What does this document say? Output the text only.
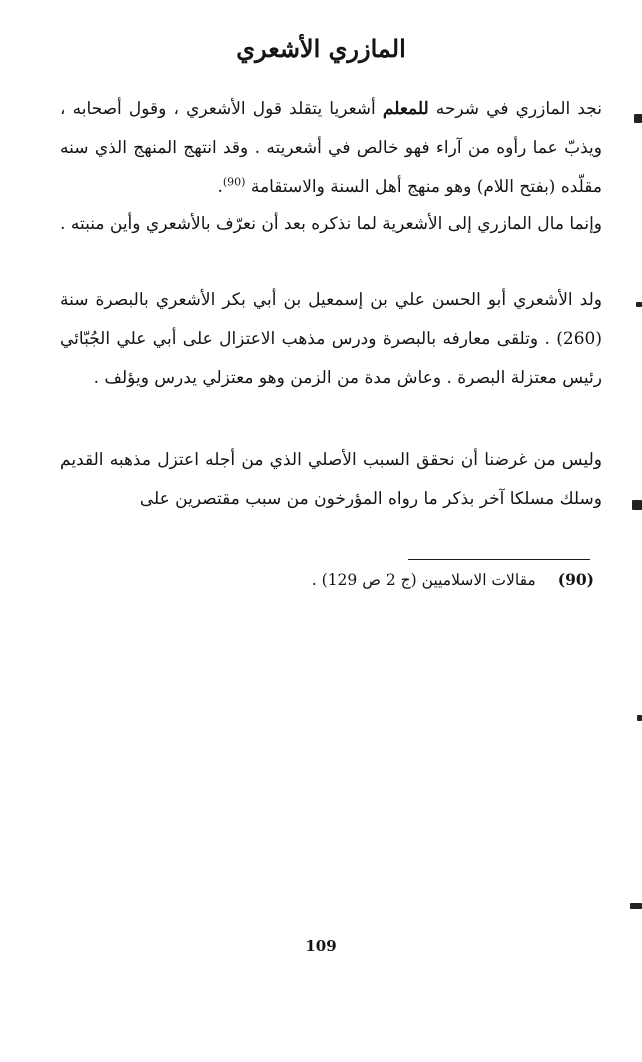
المازري الأشعري

نجد المازري في شرحه للمعلم أشعريا يتقلد قول الأشعري ، وقول أصحابه ، ويذبّ عما رأوه من آراء فهو خالص في أشعريته . وقد انتهج المنهج الذي سنه مقلّده (بفتح اللام) وهو منهج أهل السنة والاستقامة $^{(90)}$.

وإنما مال المازري إلى الأشعرية لما نذكره بعد أن نعرّف بالأشعري وأين منبته .

ولد الأشعري أبو الحسن علي بن إسمعيل بن أبي بكر الأشعري بالبصرة سنة (260) . وتلقى معارفه بالبصرة ودرس مذهب الاعتزال على أبي علي الجُبّائي رئيس معتزلة البصرة . وعاش مدة من الزمن وهو معتزلي يدرس ويؤلف .

وليس من غرضنا أن نحقق السبب الأصلي الذي من أجله اعتزل مذهبه القديم وسلك مسلكا آخر بذكر ما رواه المؤرخون من سبب مقتصرين على

(90)مقالات الاسلاميين (ج 2 ص 129) .

109
